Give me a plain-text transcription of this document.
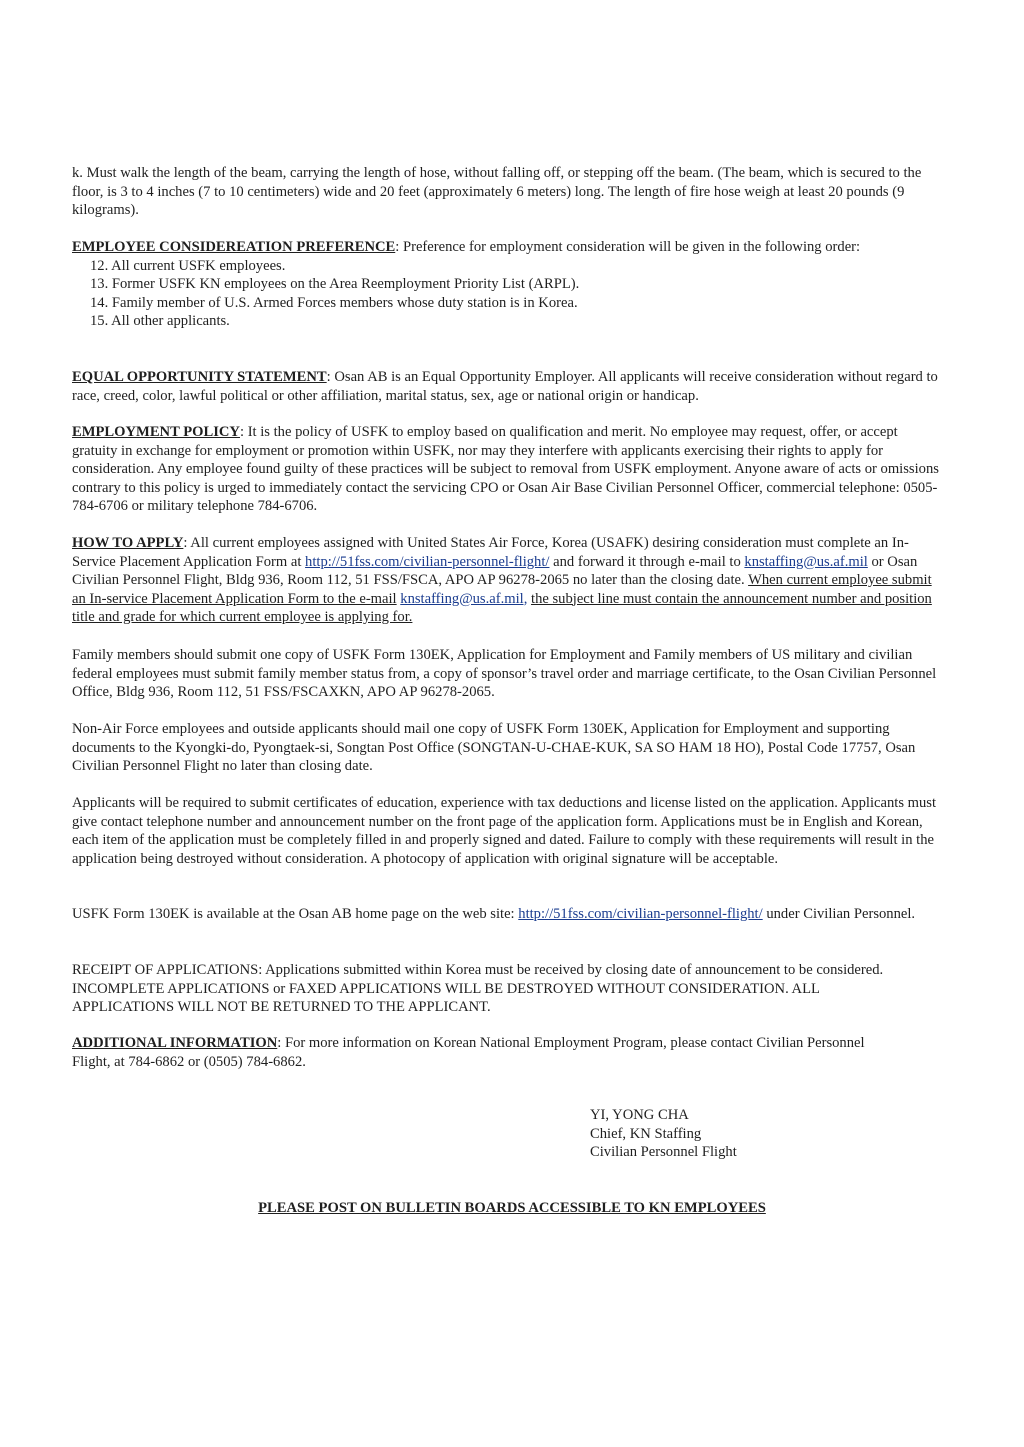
k. Must walk the length of the beam, carrying the length of hose, without falling off, or stepping off the beam. (The beam, which is secured to the floor, is 3 to 4 inches (7 to 10 centimeters) wide and 20 feet (approximately 6 meters) long. The length of fire hose weigh at least 20 pounds (9 kilograms).

EMPLOYEE CONSIDEREATION PREFERENCE: Preference for employment consideration will be given in the following order:

12. All current USFK employees.
13. Former USFK KN employees on the Area Reemployment Priority List (ARPL).
14. Family member of U.S. Armed Forces members whose duty station is in Korea.
15. All other applicants.

EQUAL OPPORTUNITY STATEMENT: Osan AB is an Equal Opportunity Employer. All applicants will receive consideration without regard to race, creed, color, lawful political or other affiliation, marital status, sex, age or national origin or handicap.

EMPLOYMENT POLICY: It is the policy of USFK to employ based on qualification and merit. No employee may request, offer, or accept gratuity in exchange for employment or promotion within USFK, nor may they interfere with applicants exercising their rights to apply for consideration. Any employee found guilty of these practices will be subject to removal from USFK employment. Anyone aware of acts or omissions contrary to this policy is urged to immediately contact the servicing CPO or Osan Air Base Civilian Personnel Officer, commercial telephone: 0505-784-6706 or military telephone 784-6706.

HOW TO APPLY: All current employees assigned with United States Air Force, Korea (USAFK) desiring consideration must complete an In-Service Placement Application Form at http://51fss.com/civilian-personnel-flight/ and forward it through e-mail to knstaffing@us.af.mil or Osan Civilian Personnel Flight, Bldg 936, Room 112, 51 FSS/FSCA, APO AP 96278-2065 no later than the closing date. When current employee submit an In-service Placement Application Form to the e-mail knstaffing@us.af.mil, the subject line must contain the announcement number and position title and grade for which current employee is applying for.

Family members should submit one copy of USFK Form 130EK, Application for Employment and Family members of US military and civilian federal employees must submit family member status from, a copy of sponsor’s travel order and marriage certificate, to the Osan Civilian Personnel Office, Bldg 936, Room 112, 51 FSS/FSCAXKN, APO AP 96278-2065.

Non-Air Force employees and outside applicants should mail one copy of USFK Form 130EK, Application for Employment and supporting documents to the Kyongki-do, Pyongtaek-si, Songtan Post Office (SONGTAN-U-CHAE-KUK, SA SO HAM 18 HO), Postal Code 17757, Osan Civilian Personnel Flight no later than closing date.

Applicants will be required to submit certificates of education, experience with tax deductions and license listed on the application. Applicants must give contact telephone number and announcement number on the front page of the application form. Applications must be in English and Korean, each item of the application must be completely filled in and properly signed and dated. Failure to comply with these requirements will result in the application being destroyed without consideration. A photocopy of application with original signature will be acceptable.

USFK Form 130EK is available at the Osan AB home page on the web site: http://51fss.com/civilian-personnel-flight/ under Civilian Personnel.

RECEIPT OF APPLICATIONS: Applications submitted within Korea must be received by closing date of announcement to be considered. INCOMPLETE APPLICATIONS or FAXED APPLICATIONS WILL BE DESTROYED WITHOUT CONSIDERATION. ALL APPLICATIONS WILL NOT BE RETURNED TO THE APPLICANT.

ADDITIONAL INFORMATION: For more information on Korean National Employment Program, please contact Civilian Personnel Flight, at 784-6862 or (0505) 784-6862.

YI, YONG CHA

Chief, KN Staffing

Civilian Personnel Flight

PLEASE POST ON BULLETIN BOARDS ACCESSIBLE TO KN EMPLOYEES
